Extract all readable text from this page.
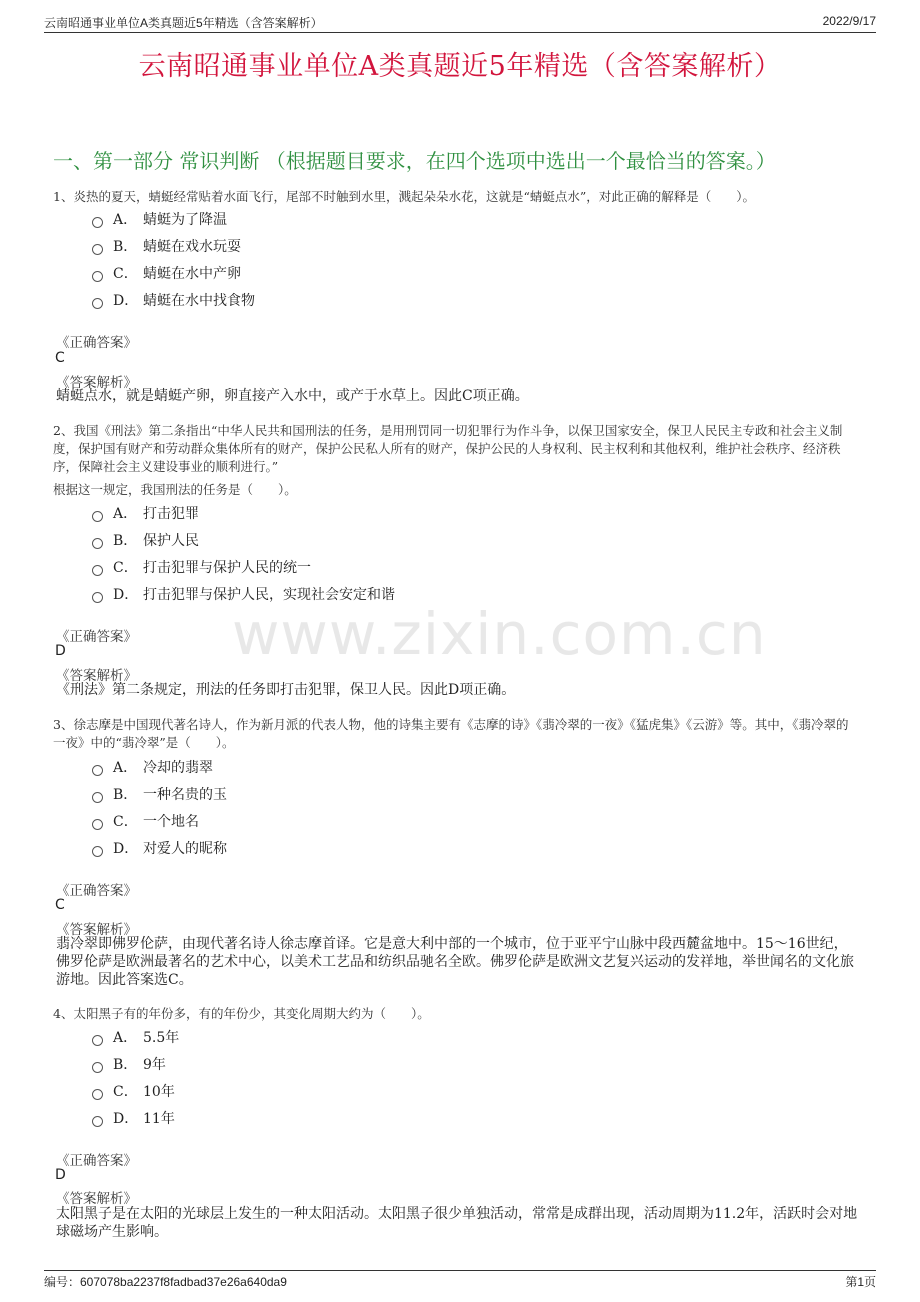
云南昭通事业单位A类真题近5年精选（含答案解析）	2022/9/17
云南昭通事业单位A类真题近5年精选（含答案解析）
一、第一部分 常识判断 （根据题目要求，在四个选项中选出一个最恰当的答案。）
www.zixin.com.cn
1、炎热的夏天，蜻蜓经常贴着水面飞行，尾部不时触到水里，溅起朵朵水花，这就是“蜻蜓点水”，对此正确的解释是（　　）。
A． 蜻蜓为了降温
B． 蜻蜓在戏水玩耍
C． 蜻蜓在水中产卵
D． 蜻蜓在水中找食物
《正确答案》
C
《答案解析》
蜻蜓点水，就是蜻蜓产卵，卵直接产入水中，或产于水草上。因此C项正确。
2、我国《刑法》第二条指出“中华人民共和国刑法的任务，是用刑罚同一切犯罪行为作斗争，以保卫国家安全，保卫人民民主专政和社会主义制度，保护国有财产和劳动群众集体所有的财产，保护公民私人所有的财产，保护公民的人身权利、民主权利和其他权利，维护社会秩序、经济秩序，保障社会主义建设事业的顺利进行。”
根据这一规定，我国刑法的任务是（　　）。
A． 打击犯罪
B． 保护人民
C． 打击犯罪与保护人民的统一
D． 打击犯罪与保护人民，实现社会安定和谐
《正确答案》
D
《答案解析》
《刑法》第二条规定，刑法的任务即打击犯罪，保卫人民。因此D项正确。
3、徐志摩是中国现代著名诗人，作为新月派的代表人物，他的诗集主要有《志摩的诗》《翡冷翠的一夜》《猛虎集》《云游》等。其中，《翡冷翠的一夜》中的“翡冷翠”是（　　）。
A． 冷却的翡翠
B． 一种名贵的玉
C． 一个地名
D． 对爱人的昵称
《正确答案》
C
《答案解析》
翡冷翠即佛罗伦萨，由现代著名诗人徐志摩首译。它是意大利中部的一个城市，位于亚平宁山脉中段西麓盆地中。15～16世纪，佛罗伦萨是欧洲最著名的艺术中心，以美术工艺品和纺织品驰名全欧。佛罗伦萨是欧洲文艺复兴运动的发祥地，举世闻名的文化旅游地。因此答案选C。
4、太阳黑子有的年份多，有的年份少，其变化周期大约为（　　）。
A． 5.5年
B． 9年
C． 10年
D． 11年
《正确答案》
D
《答案解析》
太阳黑子是在太阳的光球层上发生的一种太阳活动。太阳黑子很少单独活动，常常是成群出现，活动周期为11.2年，活跃时会对地球磁场产生影响。
编号：607078ba2237f8fadbad37e26a640da9	第1页
